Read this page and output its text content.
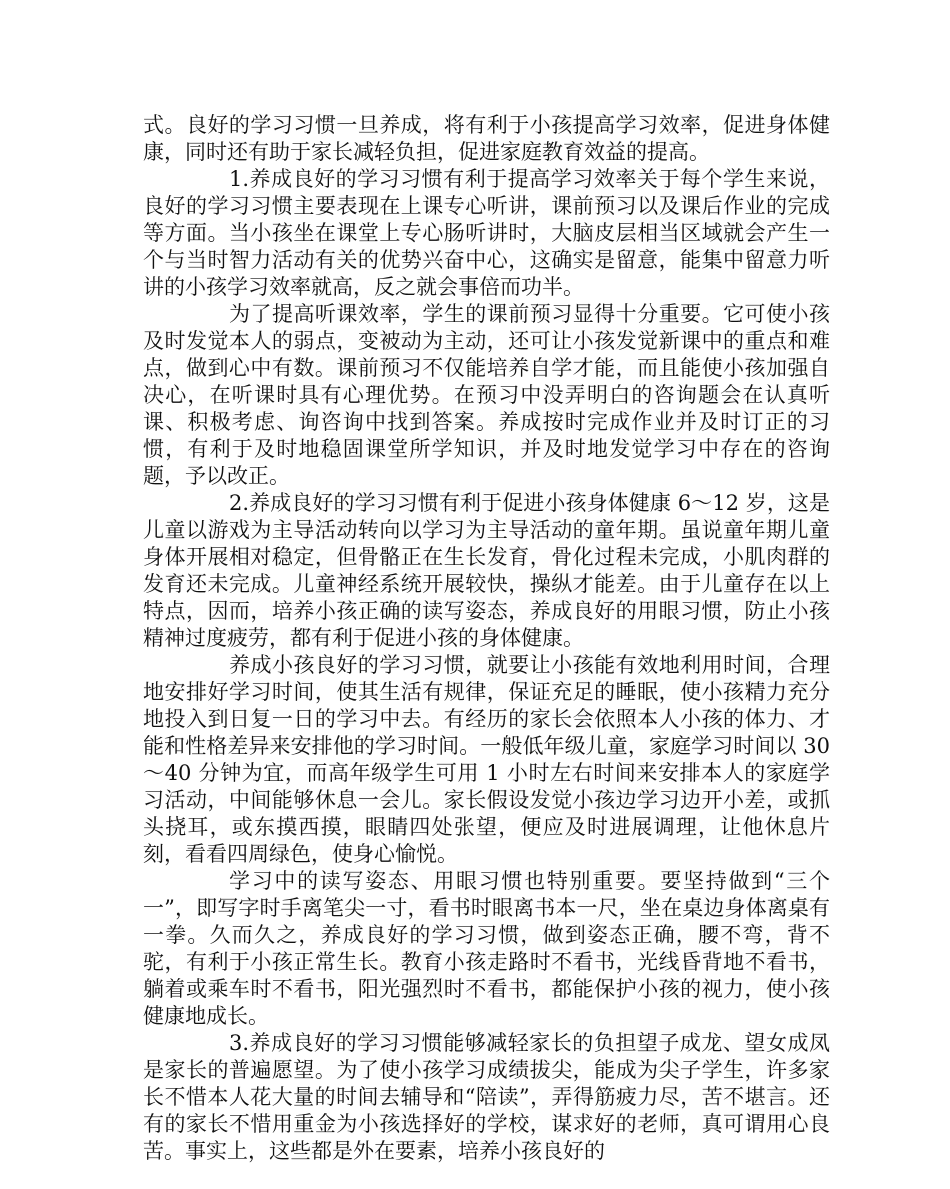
式。良好的学习习惯一旦养成，将有利于小孩提高学习效率，促进身体健康，同时还有助于家长减轻负担，促进家庭教育效益的提高。

1.养成良好的学习习惯有利于提高学习效率关于每个学生来说，良好的学习习惯主要表现在上课专心听讲，课前预习以及课后作业的完成等方面。当小孩坐在课堂上专心肠听讲时，大脑皮层相当区域就会产生一个与当时智力活动有关的优势兴奋中心，这确实是留意，能集中留意力听讲的小孩学习效率就高，反之就会事倍而功半。

为了提高听课效率，学生的课前预习显得十分重要。它可使小孩及时发觉本人的弱点，变被动为主动，还可让小孩发觉新课中的重点和难点，做到心中有数。课前预习不仅能培养自学才能，而且能使小孩加强自决心，在听课时具有心理优势。在预习中没弄明白的咨询题会在认真听课、积极考虑、询咨询中找到答案。养成按时完成作业并及时订正的习惯，有利于及时地稳固课堂所学知识，并及时地发觉学习中存在的咨询题，予以改正。

2.养成良好的学习习惯有利于促进小孩身体健康 6～12 岁，这是儿童以游戏为主导活动转向以学习为主导活动的童年期。虽说童年期儿童身体开展相对稳定，但骨骼正在生长发育，骨化过程未完成，小肌肉群的发育还未完成。儿童神经系统开展较快，操纵才能差。由于儿童存在以上特点，因而，培养小孩正确的读写姿态，养成良好的用眼习惯，防止小孩精神过度疲劳，都有利于促进小孩的身体健康。

养成小孩良好的学习习惯，就要让小孩能有效地利用时间，合理地安排好学习时间，使其生活有规律，保证充足的睡眠，使小孩精力充分地投入到日复一日的学习中去。有经历的家长会依照本人小孩的体力、才能和性格差异来安排他的学习时间。一般低年级儿童，家庭学习时间以 30～40 分钟为宜，而高年级学生可用 1 小时左右时间来安排本人的家庭学习活动，中间能够休息一会儿。家长假设发觉小孩边学习边开小差，或抓头挠耳，或东摸西摸，眼睛四处张望，便应及时进展调理，让他休息片刻，看看四周绿色，使身心愉悦。

学习中的读写姿态、用眼习惯也特别重要。要坚持做到“三个一”，即写字时手离笔尖一寸，看书时眼离书本一尺，坐在桌边身体离桌有一拳。久而久之，养成良好的学习习惯，做到姿态正确，腰不弯，背不驼，有利于小孩正常生长。教育小孩走路时不看书，光线昏背地不看书，躺着或乘车时不看书，阳光强烈时不看书，都能保护小孩的视力，使小孩健康地成长。

3.养成良好的学习习惯能够减轻家长的负担望子成龙、望女成凤是家长的普遍愿望。为了使小孩学习成绩拔尖，能成为尖子学生，许多家长不惜本人花大量的时间去辅导和“陪读”，弄得筋疲力尽，苦不堪言。还有的家长不惜用重金为小孩选择好的学校，谋求好的老师，真可谓用心良苦。事实上，这些都是外在要素，培养小孩良好的
